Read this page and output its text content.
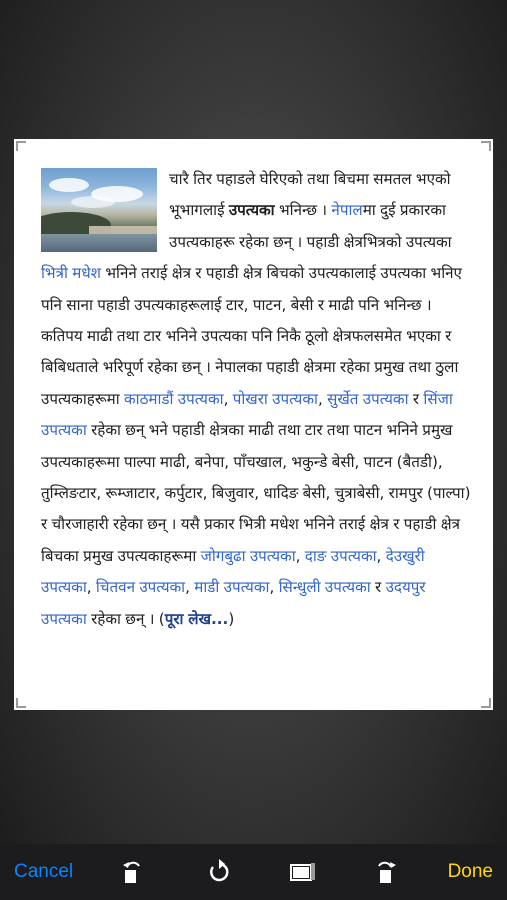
चारै तिर पहाडले घेरिएको तथा बिचमा समतल भएको भूभागलाई उपत्यका भनिन्छ । नेपालमा दुई प्रकारका उपत्यकाहरू रहेका छन् । पहाडी क्षेत्रभित्रको उपत्यका भित्री मधेश भनिने तराई क्षेत्र र पहाडी क्षेत्र बिचको उपत्यकालाई उपत्यका भनिए पनि साना पहाडी उपत्यकाहरूलाई टार, पाटन, बेसी र माढी पनि भनिन्छ । कतिपय माढी तथा टार भनिने उपत्यका पनि निकै ठूलो क्षेत्रफलसमेत भएका र बिबिधताले भरिपूर्ण रहेका छन् । नेपालका पहाडी क्षेत्रमा रहेका प्रमुख तथा ठुला उपत्यकाहरूमा काठमाडौं उपत्यका, पोखरा उपत्यका, सुर्खेत उपत्यका र सिंजा उपत्यका रहेका छन् भने पहाडी क्षेत्रका माढी तथा टार तथा पाटन भनिने प्रमुख उपत्यकाहरूमा पाल्पा माढी, बनेपा, पाँचखाल, भकुन्डे बेसी, पाटन (बैतडी), तुम्लिङटार, रूम्जाटार, कर्पुटार, बिजुवार, धादिङ बेसी, चुत्राबेसी, रामपुर (पाल्पा) र चौरजाहारी रहेका छन् । यसै प्रकार भित्री मधेश भनिने तराई क्षेत्र र पहाडी क्षेत्र बिचका प्रमुख उपत्यकाहरूमा जोगबुढा उपत्यका, दाङ उपत्यका, देउखुरी उपत्यका, चितवन उपत्यका, माडी उपत्यका, सिन्धुली उपत्यका र उदयपुर उपत्यका रहेका छन् । (पूरा लेख...)
Cancel	Done
